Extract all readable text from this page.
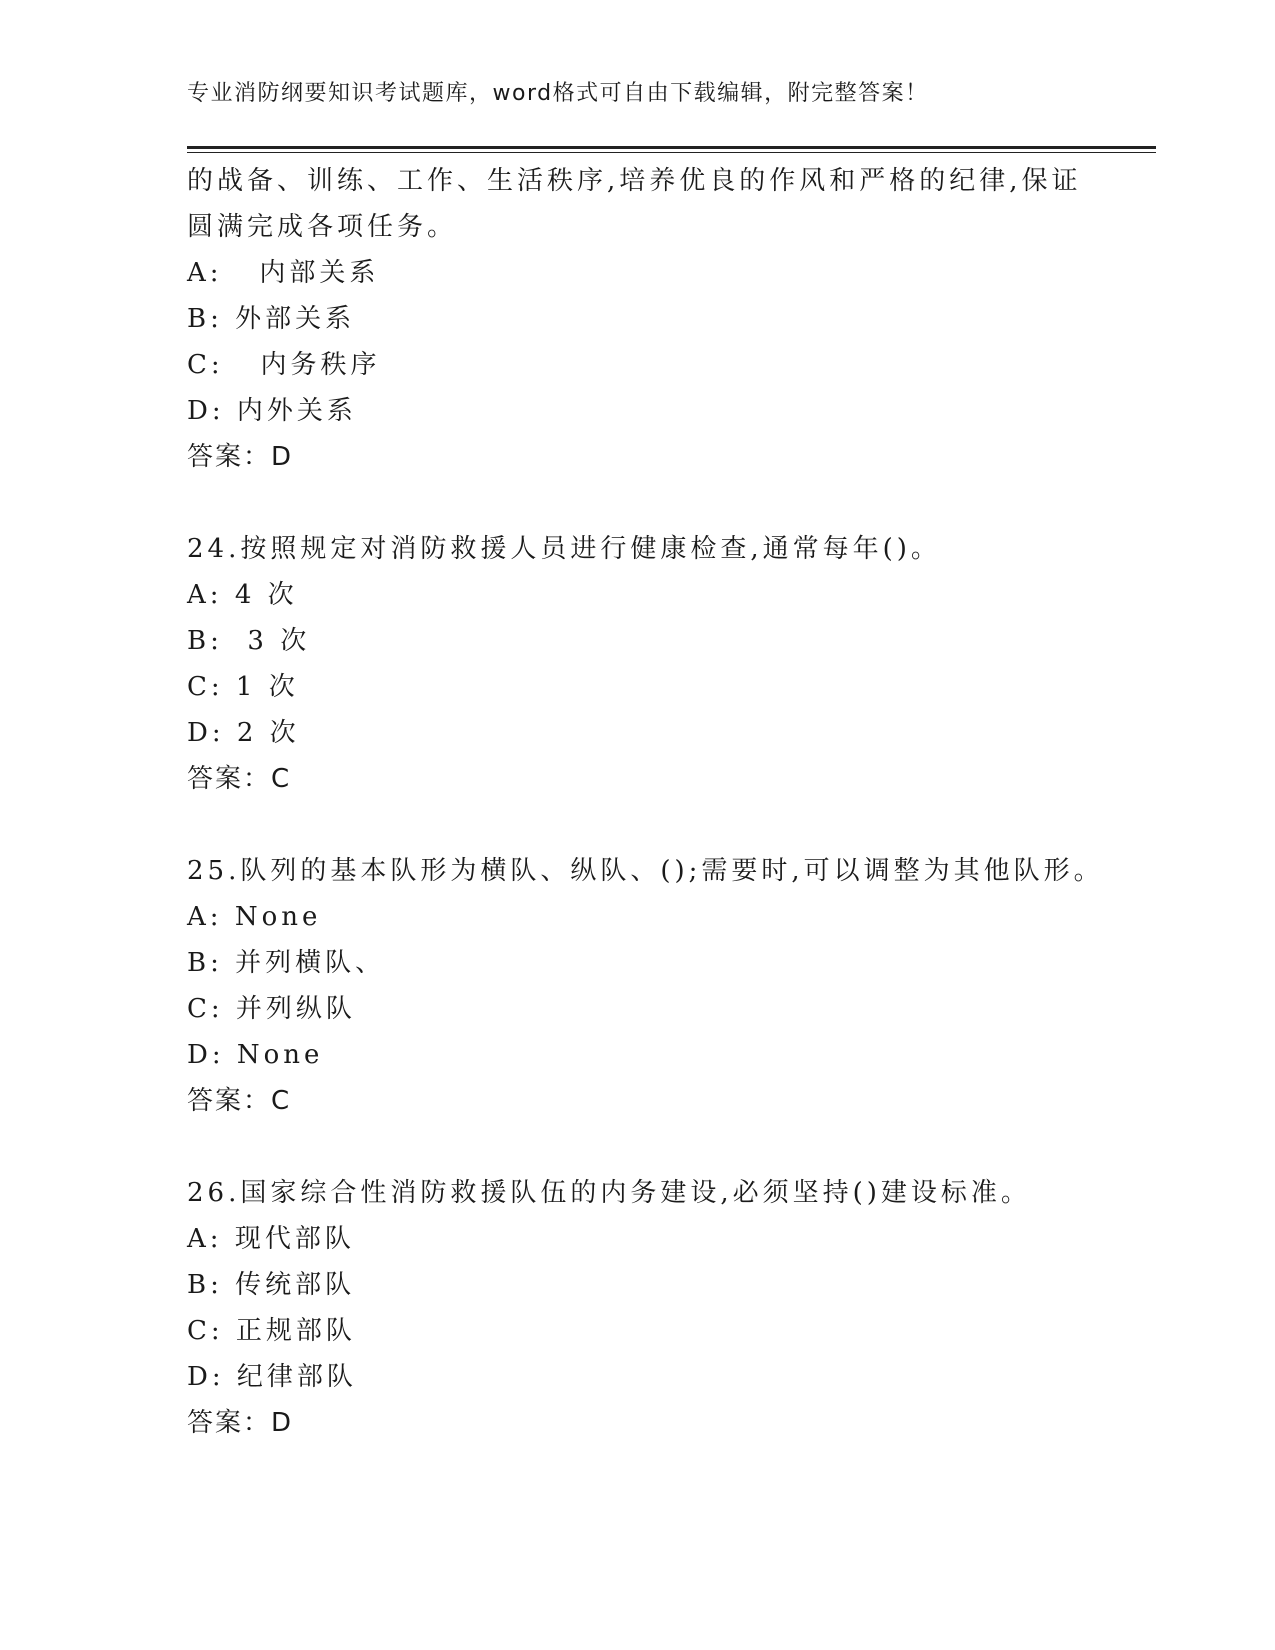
专业消防纲要知识考试题库，word格式可自由下载编辑，附完整答案！
的战备、训练、工作、生活秩序,培养优良的作风和严格的纪律,保证
圆满完成各项任务。
A:   内部关系
B: 外部关系
C:   内务秩序
D: 内外关系
答案：D
24.按照规定对消防救援人员进行健康检查,通常每年()。
A: 4 次
B:  3 次
C: 1 次
D: 2 次
答案：C
25.队列的基本队形为横队、纵队、();需要时,可以调整为其他队形。
A: None
B: 并列横队、
C: 并列纵队
D: None
答案：C
26.国家综合性消防救援队伍的内务建设,必须坚持()建设标准。
A: 现代部队
B: 传统部队
C: 正规部队
D: 纪律部队
答案：D
